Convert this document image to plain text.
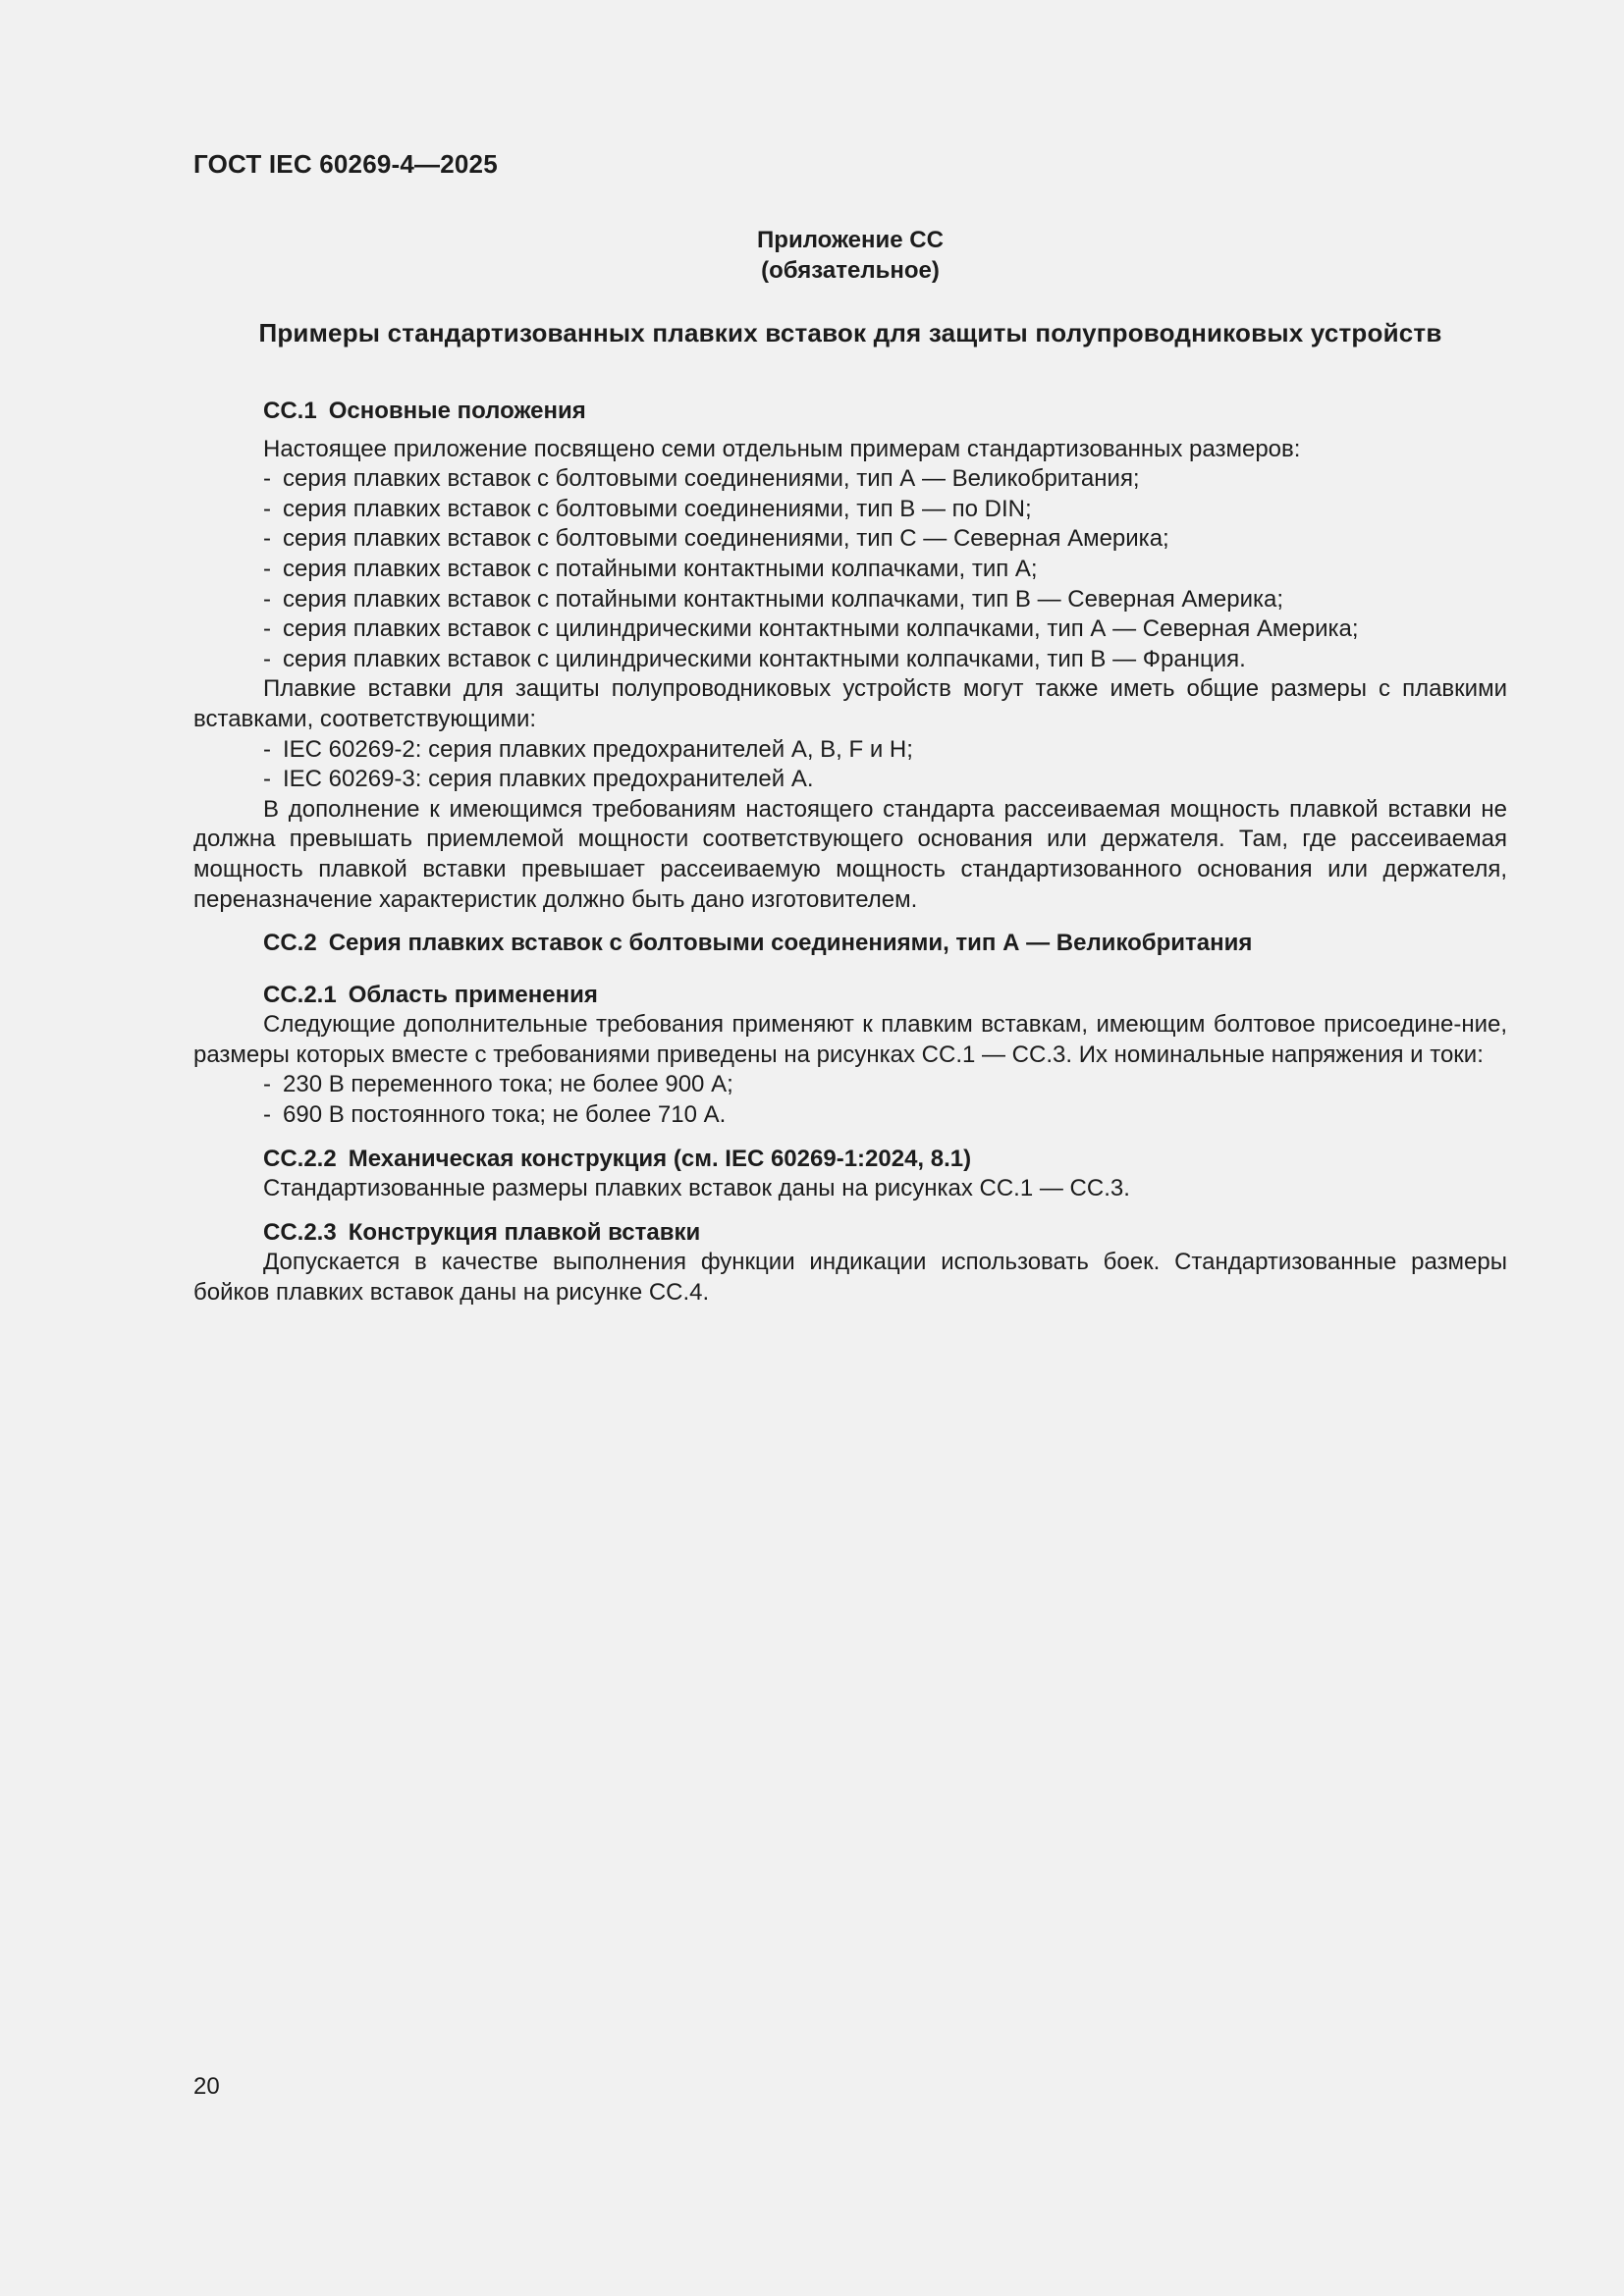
ГОСТ IEC 60269-4—2025
Приложение СС
(обязательное)
Примеры стандартизованных плавких вставок для защиты полупроводниковых устройств

СС.1 Основные положения

Настоящее приложение посвящено семи отдельным примерам стандартизованных размеров:

- серия плавких вставок с болтовыми соединениями, тип А — Великобритания;

- серия плавких вставок с болтовыми соединениями, тип В — по DIN;

- серия плавких вставок с болтовыми соединениями, тип С — Северная Америка;

- серия плавких вставок с потайными контактными колпачками, тип А;

- серия плавких вставок с потайными контактными колпачками, тип В — Северная Америка;

- серия плавких вставок с цилиндрическими контактными колпачками, тип А — Северная Америка;

- серия плавких вставок с цилиндрическими контактными колпачками, тип В — Франция.

Плавкие вставки для защиты полупроводниковых устройств могут также иметь общие размеры с плавкими вставками, соответствующими:

- IEC 60269-2: серия плавких предохранителей А, В, F и Н;

- IEC 60269-3: серия плавких предохранителей А.

В дополнение к имеющимся требованиям настоящего стандарта рассеиваемая мощность плавкой вставки не должна превышать приемлемой мощности соответствующего основания или держателя. Там, где рассеиваемая мощность плавкой вставки превышает рассеиваемую мощность стандартизованного основания или держателя, переназначение характеристик должно быть дано изготовителем.

СС.2 Серия плавких вставок с болтовыми соединениями, тип А — Великобритания

СС.2.1 Область применения

Следующие дополнительные требования применяют к плавким вставкам, имеющим болтовое присоедине-ние, размеры которых вместе с требованиями приведены на рисунках СС.1 — СС.3. Их номинальные напряжения и токи:

- 230 В переменного тока; не более 900 А;

- 690 В постоянного тока; не более 710 А.

СС.2.2 Механическая конструкция (см. IEC 60269-1:2024, 8.1)

Стандартизованные размеры плавких вставок даны на рисунках СС.1 — СС.3.

СС.2.3 Конструкция плавкой вставки

Допускается в качестве выполнения функции индикации использовать боек. Стандартизованные размеры бойков плавких вставок даны на рисунке СС.4.

20
